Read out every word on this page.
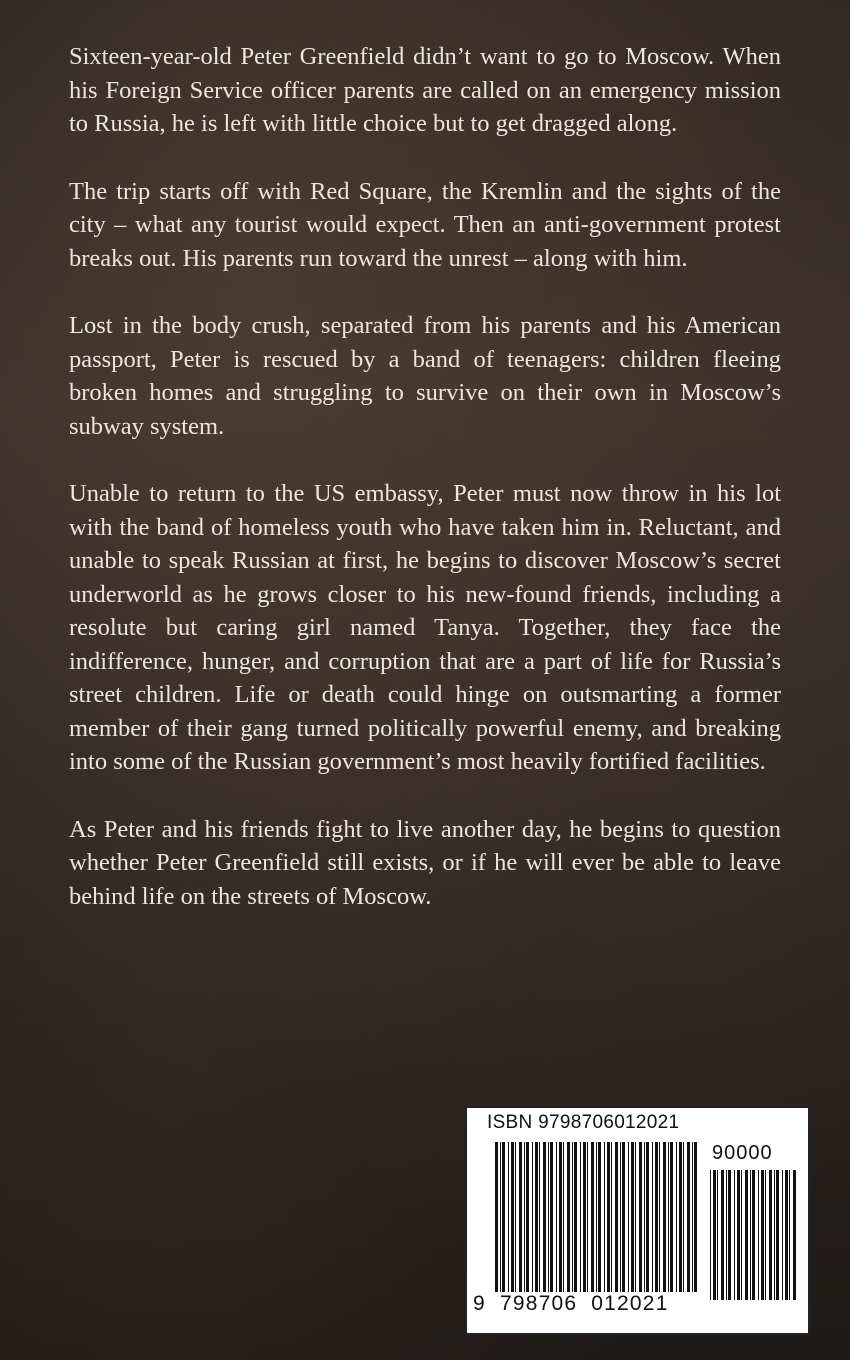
Sixteen-year-old Peter Greenfield didn’t want to go to Moscow. When his Foreign Service officer parents are called on an emergency mission to Russia, he is left with little choice but to get dragged along.

The trip starts off with Red Square, the Kremlin and the sights of the city – what any tourist would expect. Then an anti-government protest breaks out. His parents run toward the unrest – along with him.

Lost in the body crush, separated from his parents and his American passport, Peter is rescued by a band of teenagers: children fleeing broken homes and struggling to survive on their own in Moscow’s subway system.

Unable to return to the US embassy, Peter must now throw in his lot with the band of homeless youth who have taken him in. Reluctant, and unable to speak Russian at first, he begins to discover Moscow’s secret underworld as he grows closer to his new-found friends, including a resolute but caring girl named Tanya. Together, they face the indifference, hunger, and corruption that are a part of life for Russia’s street children. Life or death could hinge on outsmarting a former member of their gang turned politically powerful enemy, and breaking into some of the Russian government’s most heavily fortified facilities.

As Peter and his friends fight to live another day, he begins to question whether Peter Greenfield still exists, or if he will ever be able to leave behind life on the streets of Moscow.

ISBN 9798706012021
90000
9  798706  012021
